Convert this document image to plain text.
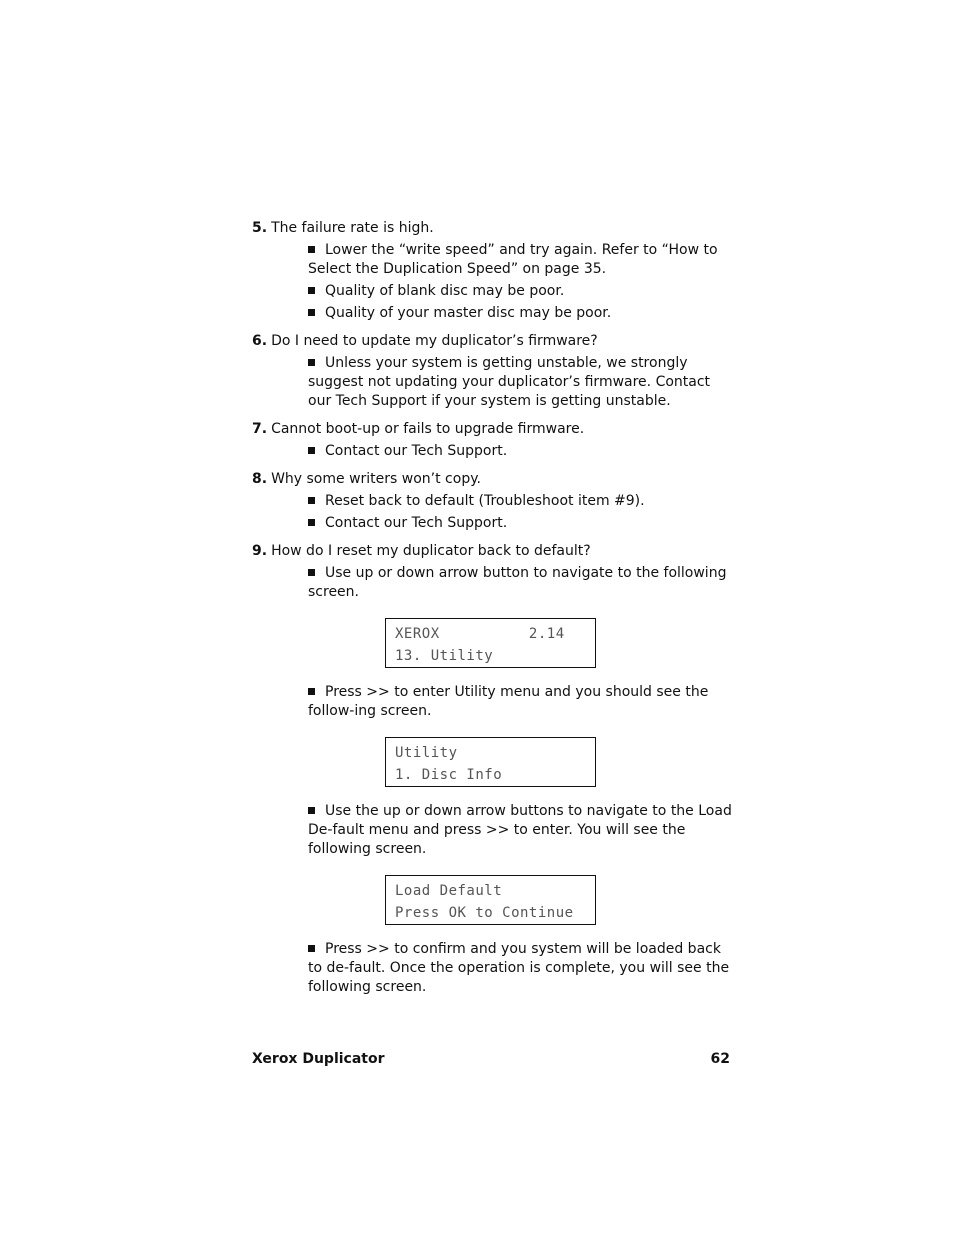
5. The failure rate is high.

Lower the “write speed” and try again. Refer to “How to Select the Duplication Speed” on page 35.

Quality of blank disc may be poor.

Quality of your master disc may be poor.

6. Do I need to update my duplicator’s firmware?

Unless your system is getting unstable, we strongly suggest not updating your duplicator’s firmware. Contact our Tech Support if your system is getting unstable.

7. Cannot boot-up or fails to upgrade firmware.

Contact our Tech Support.

8. Why some writers won’t copy.

Reset back to default (Troubleshoot item #9).

Contact our Tech Support.

9. How do I reset my duplicator back to default?

Use up or down arrow button to navigate to the following screen.

XEROX          2.14
13. Utility

Press >> to enter Utility menu and you should see the follow-ing screen.

Utility
1. Disc Info

Use the up or down arrow buttons to navigate to the Load De-fault menu and press >> to enter. You will see the following screen.

Load Default
Press OK to Continue

Press >> to confirm and you system will be loaded back to de-fault. Once the operation is complete, you will see the following screen.

Xerox Duplicator	62
